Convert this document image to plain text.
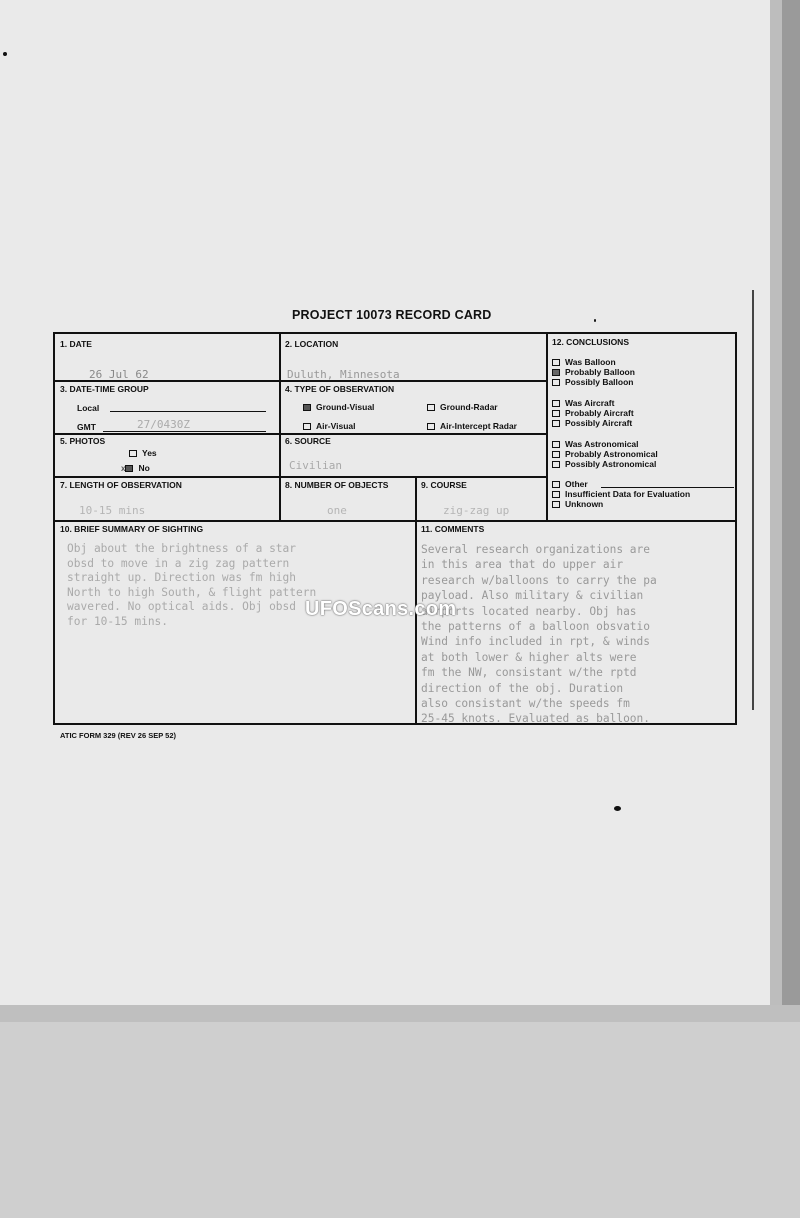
PROJECT 10073 RECORD CARD
1. DATE
26 Jul 62
2. LOCATION
Duluth, Minnesota
3. DATE-TIME GROUP
Local
GMT	27/0430Z
4. TYPE OF OBSERVATION
Ground-Visual	Ground-Radar
Air-Visual	Air-Intercept Radar
5. PHOTOS
Yes
x No
6. SOURCE
Civilian
7. LENGTH OF OBSERVATION
10-15 mins
8. NUMBER OF OBJECTS
one
9. COURSE
zig-zag up
10. BRIEF SUMMARY OF SIGHTING
Obj about the brightness of a star
obsd to move in a zig zag pattern
straight up. Direction was fm high
North to high South, & flight pattern
wavered. No optical aids. Obj obsd
for 10-15 mins.
11. COMMENTS
Several research organizations are
in this area that do upper air
research w/balloons to carry the pa
payload. Also military & civilian
airports located nearby. Obj has
the patterns of a balloon obsvatio
Wind info included in rpt, & winds
at both lower & higher alts were
fm the NW, consistant w/the rptd
direction of the obj. Duration
also consistant w/the speeds fm
25-45 knots. Evaluated as balloon.
12. CONCLUSIONS
Was Balloon
Probably Balloon
Possibly Balloon
Was Aircraft
Probably Aircraft
Possibly Aircraft
Was Astronomical
Probably Astronomical
Possibly Astronomical
Other
Insufficient Data for Evaluation
Unknown
UFOScans.com
ATIC FORM 329 (REV 26 SEP 52)
